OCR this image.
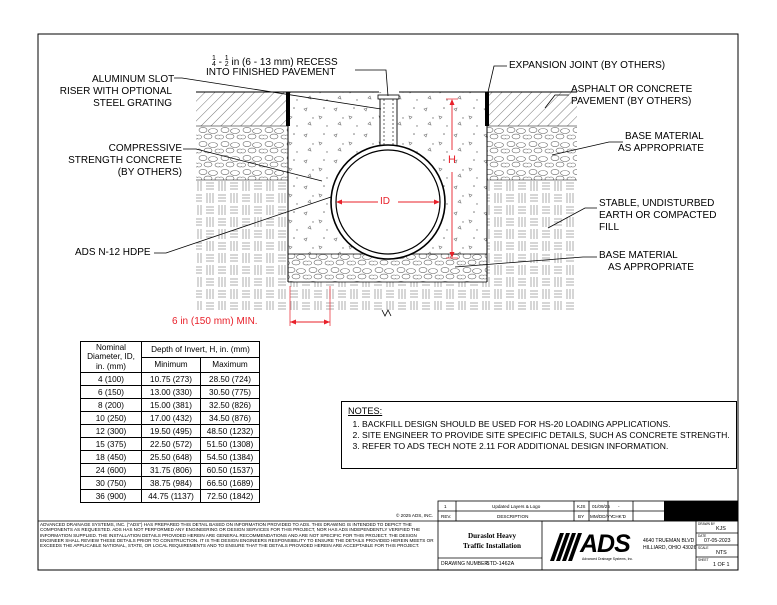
1
4 - 1
2 in (6 - 13 mm) RECESS
INTO FINISHED PAVEMENT
EXPANSION JOINT (BY OTHERS)
ALUMINUM SLOT
RISER WITH OPTIONAL
STEEL GRATING
ASPHALT OR CONCRETE
PAVEMENT (BY OTHERS)
COMPRESSIVE
STRENGTH CONCRETE
(BY OTHERS)
BASE MATERIAL
AS APPROPRIATE
STABLE, UNDISTURBED
EARTH OR COMPACTED
FILL
ADS N-12 HDPE	BASE MATERIAL
AS APPROPRIATE
ID
H
6 in (150 mm) MIN.
Nominal Diameter, ID, in. (mm)	Depth of Invert, H, in. (mm)	
	Minimum	Maximum
4 (100)	10.75 (273)	28.50 (724)
6 (150)	13.00 (330)	30.50 (775)
8 (200)	15.00 (381)	32.50 (826)
10 (250)	17.00 (432)	34.50 (876)
12 (300)	19.50 (495)	48.50 (1232)
15 (375)	22.50 (572)	51.50 (1308)
18 (450)	25.50 (648)	54.50 (1384)
24 (600)	31.75 (806)	60.50 (1537)
30 (750)	38.75 (984)	66.50 (1689)
36 (900)	44.75 (1137)	72.50 (1842)
NOTES:
1. BACKFILL DESIGN SHOULD BE USED FOR HS-20 LOADING APPLICATIONS.
2. SITE ENGINEER TO PROVIDE SITE SPECIFIC DETAILS, SUCH AS CONCRETE STRENGTH.
3. REFER TO ADS TECH NOTE 2.11 FOR ADDITIONAL DESIGN INFORMATION.
© 2025 ADS, INC.
1	Updated Layers & Logo	KJS 01/09/25 -
REV.	DESCRIPTION	BY MM/DD/YY CHK'D
ADVANCED DRAINAGE SYSTEMS, INC. ("ADS") HAS PREPARED THIS DETAIL BASED ON INFORMATION PROVIDED TO ADS. THIS DRAWING IS INTENDED TO DEPICT THE COMPONENTS AS REQUESTED. ADS HAS NOT PERFORMED ANY ENGINEERING OR DESIGN SERVICES FOR THIS PROJECT, NOR HAS ADS INDEPENDENTLY VERIFIED THE INFORMATION SUPPLIED. THE INSTALLATION DETAILS PROVIDED HEREIN ARE GENERAL RECOMMENDATIONS AND ARE NOT SPECIFIC FOR THIS PROJECT. THE DESIGN ENGINEER SHALL REVIEW THESE DETAILS PRIOR TO CONSTRUCTION. IT IS THE DESIGN ENGINEERS RESPONSIBILITY TO ENSURE THE DETAILS PROVIDED HEREIN MEETS OR EXCEEDS THE APPLICABLE NATIONAL, STATE, OR LOCAL REQUIREMENTS AND TO ENSURE THAT THE DETAILS PROVIDED HEREIN ARE ACCEPTABLE FOR THIS PROJECT.
Duraslot Heavy
Traffic Installation
DRAWING NUMBER:
STD-1462A
ADS
Advanced Drainage Systems, Inc.
4640 TRUEMAN BLVD
HILLIARD, OHIO 43026
DRAWN BY
KJS
DATE
07-05-2023
SCALE
NTS
SHEET
1 OF 1
